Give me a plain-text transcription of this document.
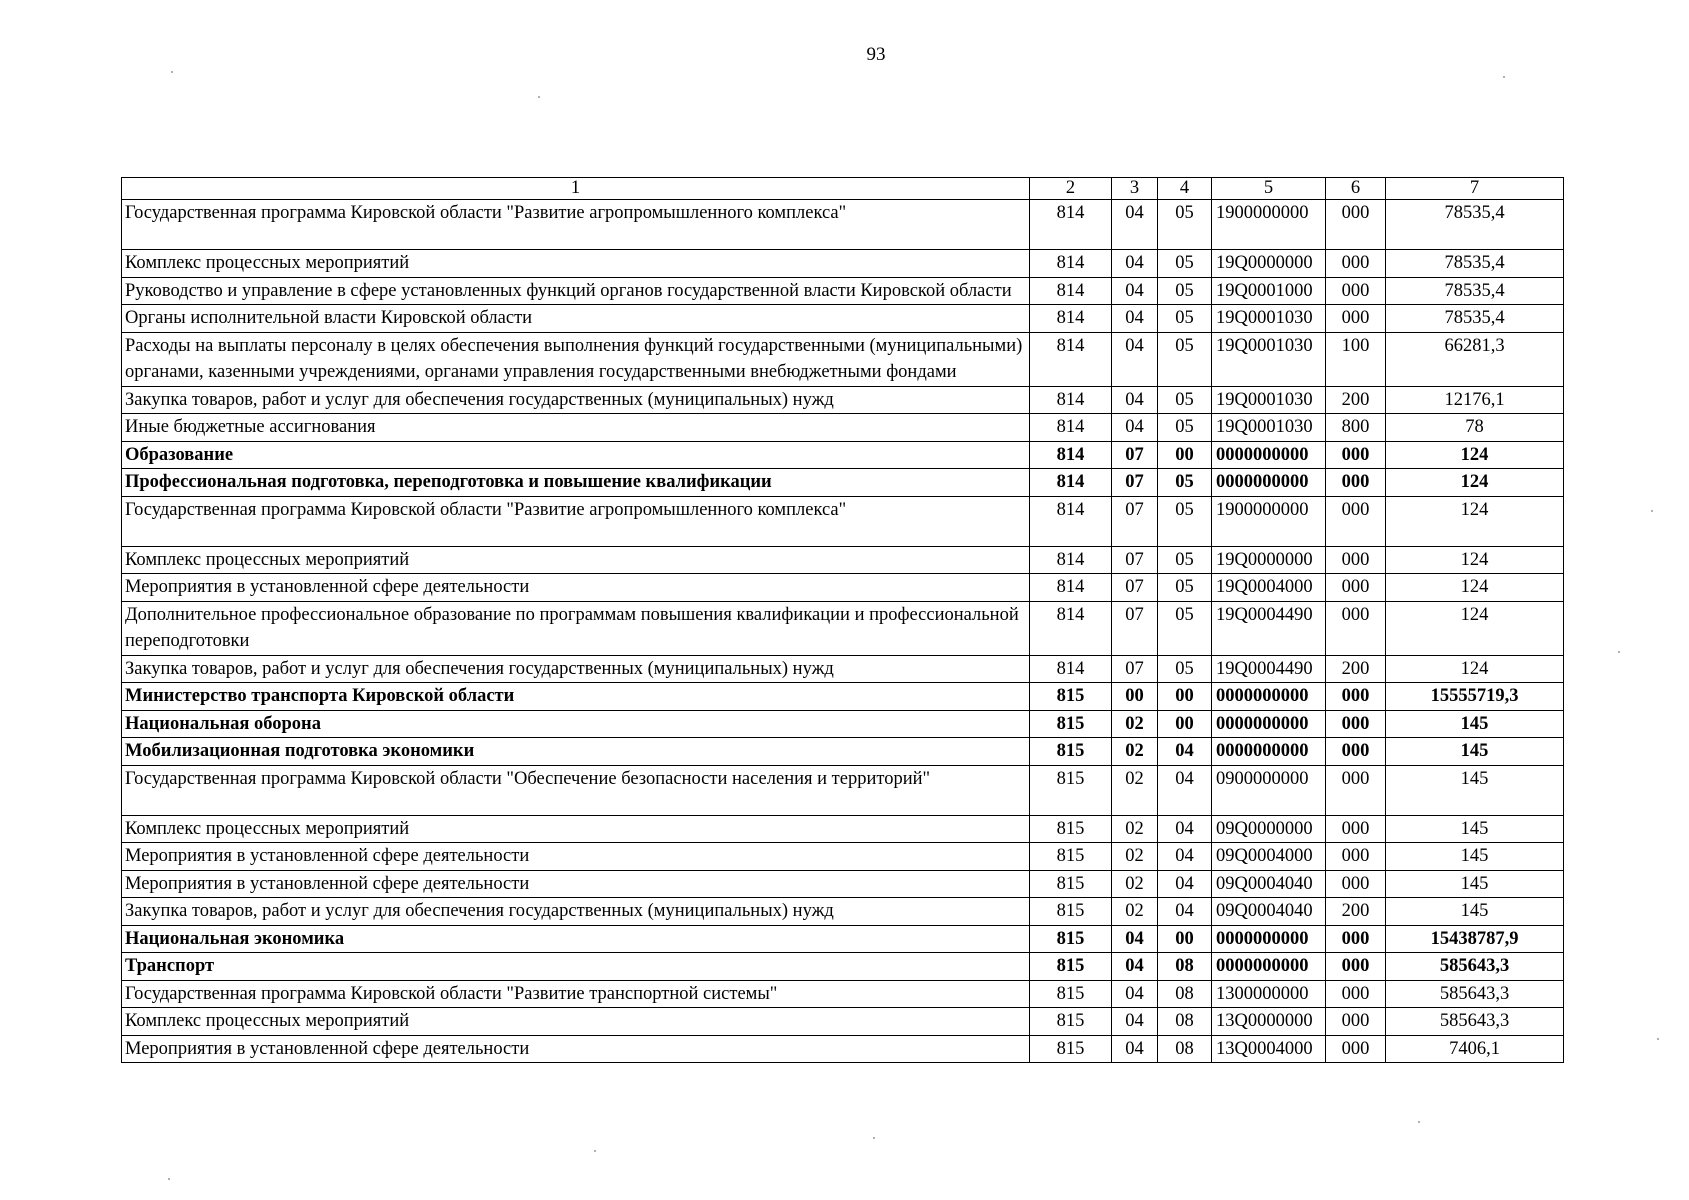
93
1	2	3	4	5	6	7
Государственная программа Кировской области "Развитие агропромышленного комплекса"	814	04	05	1900000000	000	78535,4
Комплекс процессных мероприятий	814	04	05	19Q0000000	000	78535,4
Руководство и управление в сфере установленных функций органов государственной власти Кировской области	814	04	05	19Q0001000	000	78535,4
Органы исполнительной власти Кировской области	814	04	05	19Q0001030	000	78535,4
Расходы на выплаты персоналу в целях обеспечения выполнения функций государственными (муниципальными) органами, казенными учреждениями, органами управления государственными внебюджетными фондами	814	04	05	19Q0001030	100	66281,3
Закупка товаров, работ и услуг для обеспечения государственных (муниципальных) нужд	814	04	05	19Q0001030	200	12176,1
Иные бюджетные ассигнования	814	04	05	19Q0001030	800	78
Образование	814	07	00	0000000000	000	124
Профессиональная подготовка, переподготовка и повышение квалификации	814	07	05	0000000000	000	124
Государственная программа Кировской области "Развитие агропромышленного комплекса"	814	07	05	1900000000	000	124
Комплекс процессных мероприятий	814	07	05	19Q0000000	000	124
Мероприятия в установленной сфере деятельности	814	07	05	19Q0004000	000	124
Дополнительное профессиональное образование по программам повышения квалификации и профессиональной переподготовки	814	07	05	19Q0004490	000	124
Закупка товаров, работ и услуг для обеспечения государственных (муниципальных) нужд	814	07	05	19Q0004490	200	124
Министерство транспорта Кировской области	815	00	00	0000000000	000	15555719,3
Национальная оборона	815	02	00	0000000000	000	145
Мобилизационная подготовка экономики	815	02	04	0000000000	000	145
Государственная программа Кировской области "Обеспечение безопасности населения и территорий"	815	02	04	0900000000	000	145
Комплекс процессных мероприятий	815	02	04	09Q0000000	000	145
Мероприятия в установленной сфере деятельности	815	02	04	09Q0004000	000	145
Мероприятия в установленной сфере деятельности	815	02	04	09Q0004040	000	145
Закупка товаров, работ и услуг для обеспечения государственных (муниципальных) нужд	815	02	04	09Q0004040	200	145
Национальная экономика	815	04	00	0000000000	000	15438787,9
Транспорт	815	04	08	0000000000	000	585643,3
Государственная программа Кировской области "Развитие транспортной системы"	815	04	08	1300000000	000	585643,3
Комплекс процессных мероприятий	815	04	08	13Q0000000	000	585643,3
Мероприятия в установленной сфере деятельности	815	04	08	13Q0004000	000	7406,1
